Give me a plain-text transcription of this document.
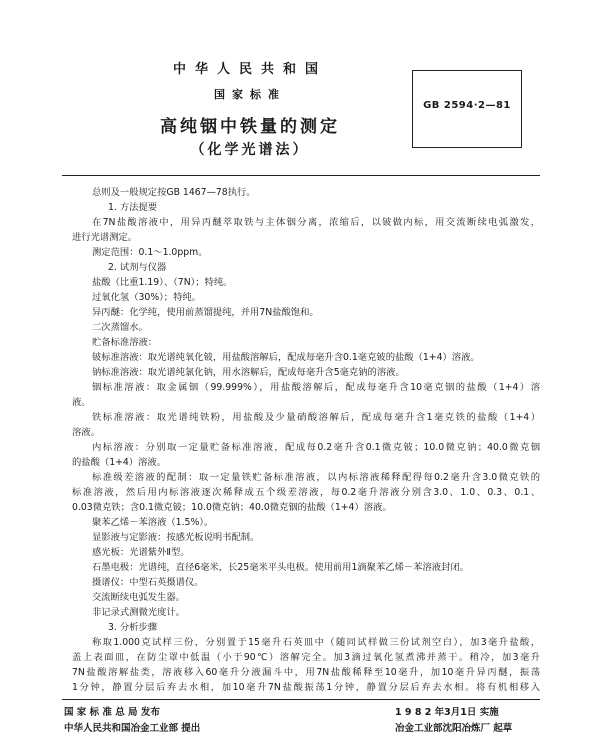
中华人民共和国
国家标准
高纯铟中铁量的测定
（化学光谱法）
GB 2594·2—81
总则及一般规定按GB 1467—78执行。
1. 方法提要
在7N盐酸溶液中，用异丙醚萃取铁与主体铟分离，浓缩后，以铍做内标，用交流断续电弧激发，
进行光谱测定。
测定范围：0.1～1.0ppm。
2. 试剂与仪器
盐酸（比重1.19）、（7N）；特纯。
过氧化氢（30%）；特纯。
异丙醚：化学纯，使用前蒸馏提纯，并用7N盐酸饱和。
二次蒸馏水。
贮备标准溶液：
铍标准溶液：取光谱纯氧化铍，用盐酸溶解后，配成每毫升含0.1毫克铍的盐酸（1+4）溶液。
钠标准溶液：取光谱纯氯化钠，用水溶解后，配成每毫升含5毫克钠的溶液。
铟标准溶液：取金属铟（99.999%），用盐酸溶解后，配成每毫升含10毫克铟的盐酸（1+4）溶
液。
铁标准溶液：取光谱纯铁粉，用盐酸及少量硝酸溶解后，配成每毫升含1毫克铁的盐酸（1+4）
溶液。
内标溶液：分别取一定量贮备标准溶液，配成每0.2毫升含0.1微克铍；10.0微克钠；40.0微克铟
的盐酸（1+4）溶液。
标准级差溶液的配制：取一定量铁贮备标准溶液，以内标溶液稀释配得每0.2毫升含3.0微克铁的
标准溶液，然后用内标溶液逐次稀释成五个级差溶液，每0.2毫升溶液分别含3.0、1.0、0.3、0.1、
0.03微克铁；含0.1微克铍；10.0微克钠；40.0微克铟的盐酸（1+4）溶液。
聚苯乙烯－苯溶液（1.5%）。
显影液与定影液：按感光板说明书配制。
感光板：光谱紫外Ⅱ型。
石墨电极：光谱纯，直径6毫米，长25毫米平头电极。使用前用1滴聚苯乙烯－苯溶液封闭。
摄谱仪：中型石英摄谱仪。
交流断续电弧发生器。
非记录式测微光度计。
3. 分析步骤
称取1.000克试样三份，分别置于15毫升石英皿中（随同试样做三份试剂空白），加3毫升盐酸，
盖上表面皿，在防尘罩中低温（小于90℃）溶解完全。加3滴过氧化氢煮沸并蒸干。稍冷，加3毫升
7N盐酸溶解盐类，溶液移入60毫升分液漏斗中，用7N盐酸稀释至10毫升，加10毫升异丙醚，振荡
1分钟，静置分层后弃去水相，加10毫升7N盐酸振荡1分钟，静置分层后弃去水相。将有机相移入
国 家 标 准 总 局 发布
中华人民共和国冶金工业部 提出
1 9 8 2 年3月1日 实施
冶金工业部沈阳冶炼厂 起草
